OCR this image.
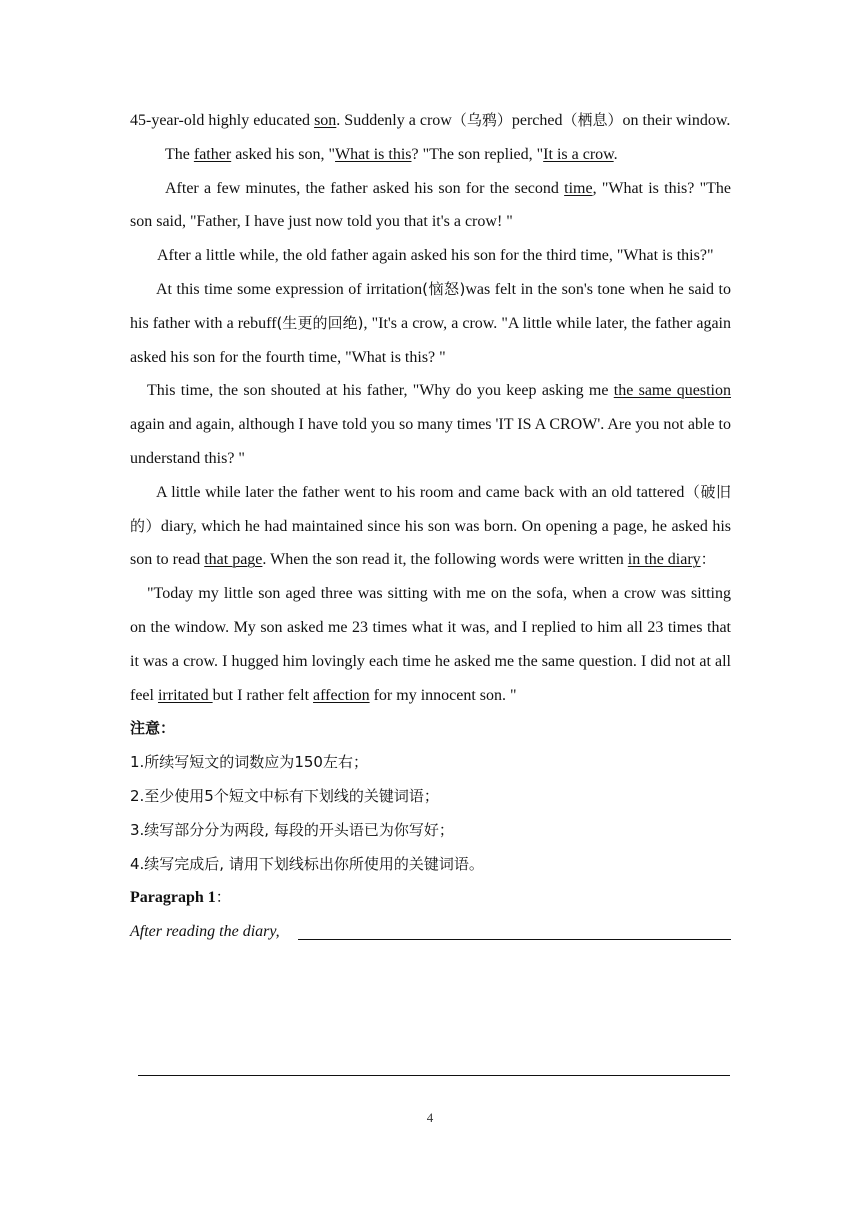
45-year-old highly educated son. Suddenly a crow（乌鸦）perched（栖息）on their window.

The father asked his son, "What is this? "The son replied, "It is a crow.

After a few minutes, the father asked his son for the second time, "What is this? "The son said, "Father, I have just now told you that it's a crow! "

After a little while, the old father again asked his son for the third time, "What is this?"

At this time some expression of irritation(恼怒)was felt in the son's tone when he said to his father with a rebuff(生更的回绝), "It's a crow, a crow. "A little while later, the father again asked his son for the fourth time, "What is this? "

This time, the son shouted at his father, "Why do you keep asking me the same question again and again, although I have told you so many times 'IT IS A CROW'. Are you not able to understand this? "

A little while later the father went to his room and came back with an old tattered（破旧的）diary, which he had maintained since his son was born. On opening a page, he asked his son to read that page. When the son read it, the following words were written in the diary：

"Today my little son aged three was sitting with me on the sofa, when a crow was sitting on the window. My son asked me 23 times what it was, and I replied to him all 23 times that it was a crow. I hugged him lovingly each time he asked me the same question. I did not at all feel irritated but I rather felt affection for my innocent son. "

注意：

1.所续写短文的词数应为150左右；

2.至少使用5个短文中标有下划线的关键词语；

3.续写部分分为两段, 每段的开头语已为你写好；

4.续写完成后, 请用下划线标出你所使用的关键词语。

Paragraph 1：

After reading the diary,
4
